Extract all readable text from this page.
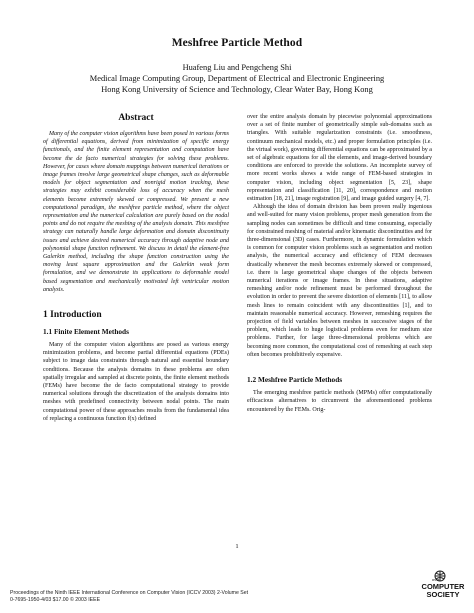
Meshfree Particle Method
Huafeng Liu and Pengcheng Shi
Medical Image Computing Group, Department of Electrical and Electronic Engineering
Hong Kong University of Science and Technology, Clear Water Bay, Hong Kong
Abstract

Many of the computer vision algorithms have been posed in various forms of differential equations, derived from minimization of specific energy functionals, and the finite element representation and computation have become the de facto numerical strategies for solving these problems. However, for cases where domain mappings between numerical iterations or image frames involve large geometrical shape changes, such as deformable models for object segmentation and nonrigid motion tracking, these strategies may exhibit considerable loss of accuracy when the mesh elements become extremely skewed or compressed. We present a new computational paradigm, the meshfree particle method, where the object representation and the numerical calculation are purely based on the nodal points and do not require the meshing of the analysis domain. This meshfree strategy can naturally handle large deformation and domain discontinuity issues and achieve desired numerical accuracy through adaptive node and polynomial shape function refinement. We discuss in detail the element-free Galerkin method, including the shape function construction using the moving least square approximation and the Galerkin weak form formulation, and we demonstrate its applications to deformable model based segmentation and mechanically motivated left ventricular motion analysis.

1 Introduction
1.1 Finite Element Methods

Many of the computer vision algorithms are posed as various energy minimization problems, and become partial differential equations (PDEs) subject to image data constraints through natural and essential boundary conditions. Because the analysis domains in these problems are often spatially irregular and sampled at discrete points, the finite element methods (FEMs) have become the de facto computational strategy to provide numerical solutions through the discretization of the analysis domains into meshes with predefined connectivity between nodal points. The main computational power of these approaches results from the fundamental idea of replacing a continuous function f(x) defined

over the entire analysis domain by piecewise polynomial approximations over a set of finite number of geometrically simple sub-domains such as triangles. With suitable regularization constraints (i.e. smoothness, continuum mechanical models, etc.) and proper formulation principles (i.e. the virtual work), governing differential equations can be approximated by a set of algebraic equations for all the elements, and image-derived boundary conditions are enforced to provide the solutions. An incomplete survey of more recent works shows a wide range of FEM-based strategies in computer vision, including object segmentation [5, 23], shape representation and classification [11, 20], correspondence and motion estimation [18, 21], image registration [9], and image guided surgery [4, 7].

Although the idea of domain division has been proven really ingenious and well-suited for many vision problems, proper mesh generation from the sampling nodes can sometimes be difficult and time consuming, especially for constrained meshing of material and/or kinematic discontinuities and for three-dimensional (3D) cases. Furthermore, in dynamic formulation which is common for computer vision problems such as segmentation and motion analysis, the numerical accuracy and efficiency of FEM decreases drastically whenever the mesh becomes extremely skewed or compressed, i.e. there is large geometrical shape changes of the objects between numerical iterations or image frames. In these situations, adaptive remeshing and/or node refinement must be performed throughout the evolution in order to prevent the severe distortion of elements [11], to allow mesh lines to remain coincident with any discontinuities [1], and to maintain reasonable numerical accuracy. However, remeshing requires the projection of field variables between meshes in successive stages of the problem, which leads to huge logistical problems even for medium size problems. Further, for large three-dimensional problems which are becoming more common, the computational cost of remeshing at each step often becomes prohibitively expensive.

1.2 Meshfree Particle Methods

The emerging meshfree particle methods (MPMs) offer computationally efficacious alternatives to circumvent the aforementioned problems encountered by the FEMs. Orig-

1
Proceedings of the Ninth IEEE International Conference on Computer Vision (ICCV 2003) 2-Volume Set
0-7695-1950-4/03 $17.00 © 2003 IEEE
IEEE
COMPUTER
SOCIETY
